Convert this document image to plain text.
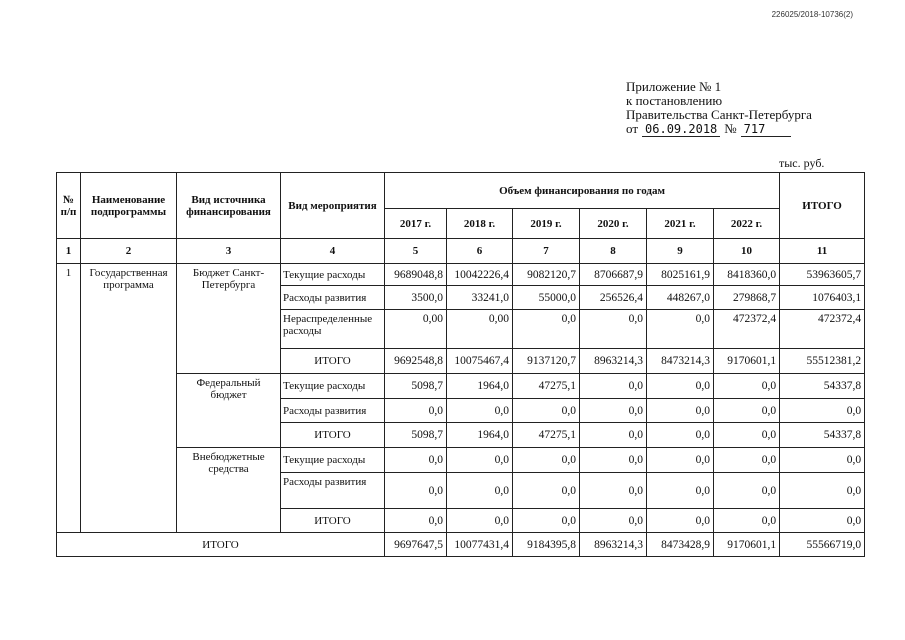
226025/2018-10736(2)
Приложение № 1
к постановлению
Правительства Санкт-Петербурга
от 06.09.2018 № 717
тыс. руб.
№ п/п	Наименование подпрограммы	Вид источника финансирования	Вид мероприятия	Объем финансирования по годам						ИТОГО
				2017 г.	2018 г.	2019 г.	2020 г.	2021 г.	2022 г.	
1	2	3	4	5	6	7	8	9	10	11
1	Государственная программа	Бюджет Санкт-Петербурга	Текущие расходы	9689048,8	10042226,4	9082120,7	8706687,9	8025161,9	8418360,0	53963605,7
			Расходы развития	3500,0	33241,0	55000,0	256526,4	448267,0	279868,7	1076403,1
			Нераспределенные расходы	0,00	0,00	0,0	0,0	0,0	472372,4	472372,4
			ИТОГО	9692548,8	10075467,4	9137120,7	8963214,3	8473214,3	9170601,1	55512381,2
		Федеральный бюджет	Текущие расходы	5098,7	1964,0	47275,1	0,0	0,0	0,0	54337,8
			Расходы развития	0,0	0,0	0,0	0,0	0,0	0,0	0,0
			ИТОГО	5098,7	1964,0	47275,1	0,0	0,0	0,0	54337,8
		Внебюджетные средства	Текущие расходы	0,0	0,0	0,0	0,0	0,0	0,0	0,0
			Расходы развития	0,0	0,0	0,0	0,0	0,0	0,0	0,0
			ИТОГО	0,0	0,0	0,0	0,0	0,0	0,0	0,0
ИТОГО				9697647,5	10077431,4	9184395,8	8963214,3	8473428,9	9170601,1	55566719,0
